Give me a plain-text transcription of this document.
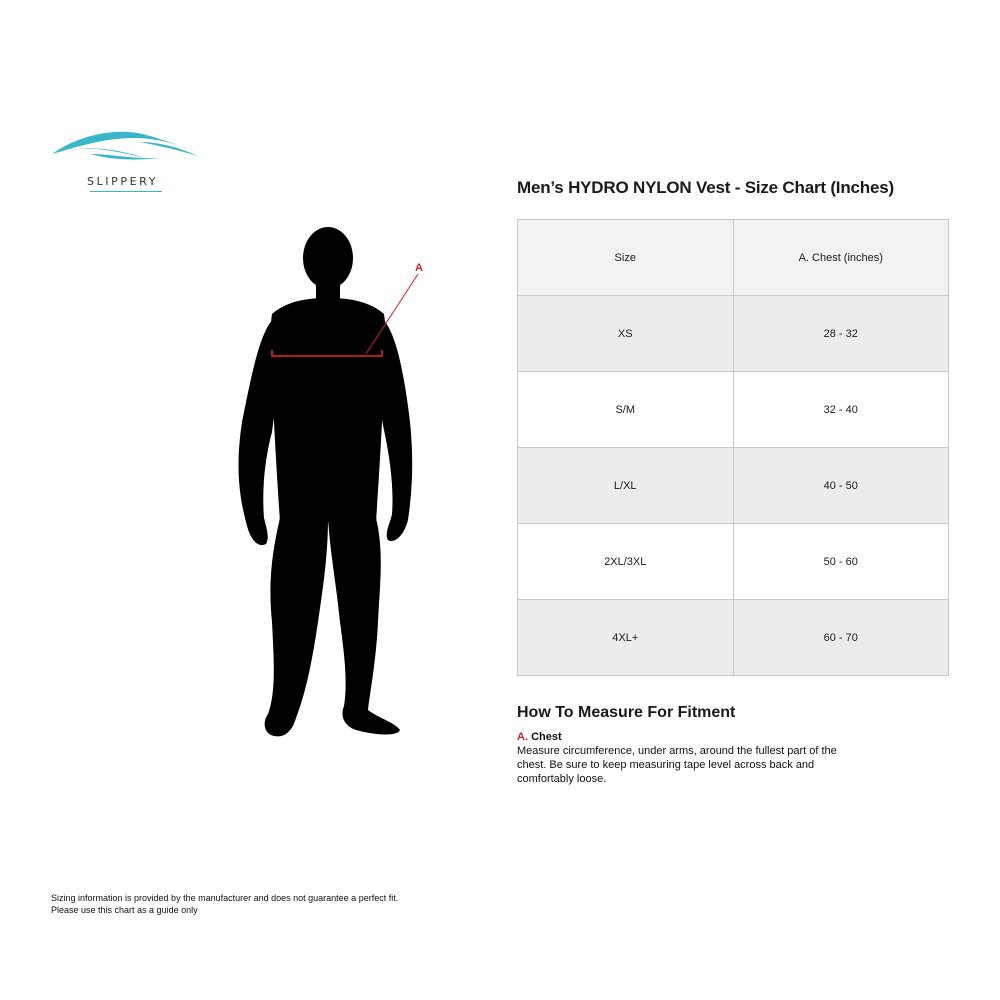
SLIPPERY
A
Men’s HYDRO NYLON Vest - Size Chart (Inches)
Size	A. Chest (inches)
XS	28 - 32
S/M	32 - 40
L/XL	40 - 50
2XL/3XL	50 - 60
4XL+	60 - 70
How To Measure For Fitment
A. Chest

Measure circumference, under arms, around the fullest part of the chest. Be sure to keep measuring tape level across back and comfortably loose.

Sizing information is provided by the manufacturer and does not guarantee a perfect fit.
Please use this chart as a guide only
